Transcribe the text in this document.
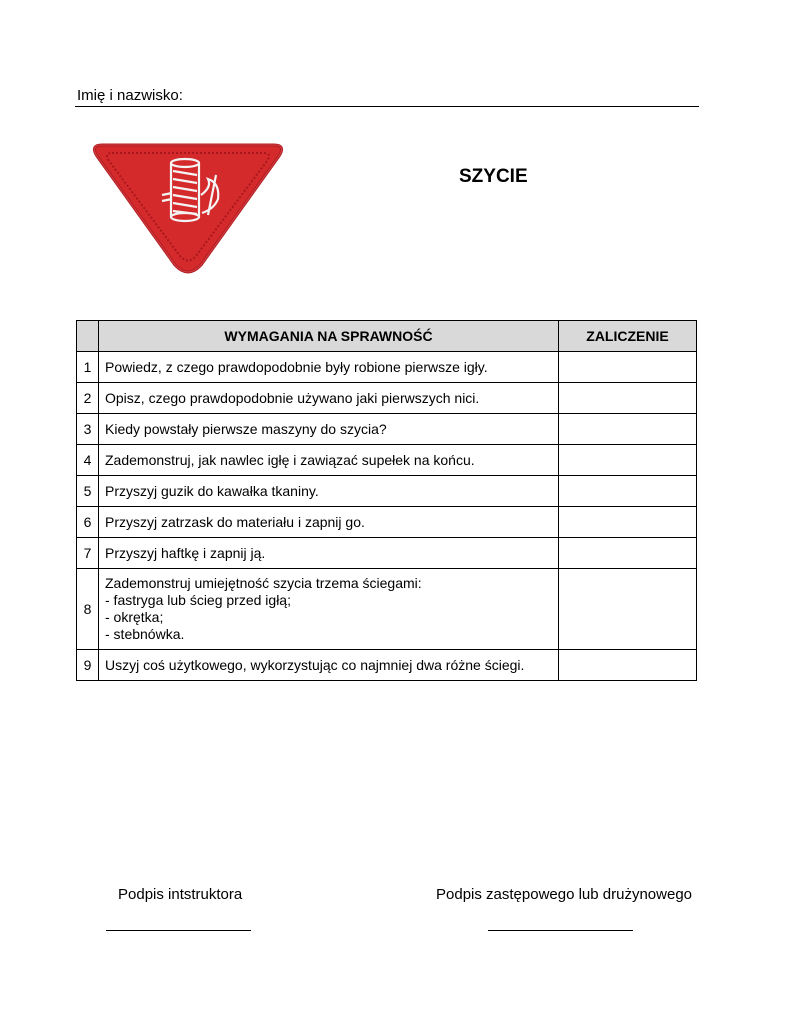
Imię i nazwisko:
SZYCIE
	WYMAGANIA NA SPRAWNOŚĆ	ZALICZENIE
1	Powiedz, z czego prawdopodobnie były robione pierwsze igły.	

2	Opisz, czego prawdopodobnie używano jaki pierwszych nici.	

3	Kiedy powstały pierwsze maszyny do szycia?	

4	Zademonstruj, jak nawlec igłę i zawiązać supełek na końcu.	

5	Przyszyj guzik do kawałka tkaniny.	

6	Przyszyj zatrzask do materiału i zapnij go.	

7	Przyszyj haftkę i zapnij ją.	

8	Zademonstruj umiejętność szycia trzema ściegami:
- fastryga lub ścieg przed igłą;
- okrętka;
- stebnówka.	

9	Uszyj coś użytkowego, wykorzystując co najmniej dwa różne ściegi.	

Podpis intstruktora	Podpis zastępowego lub drużynowego
